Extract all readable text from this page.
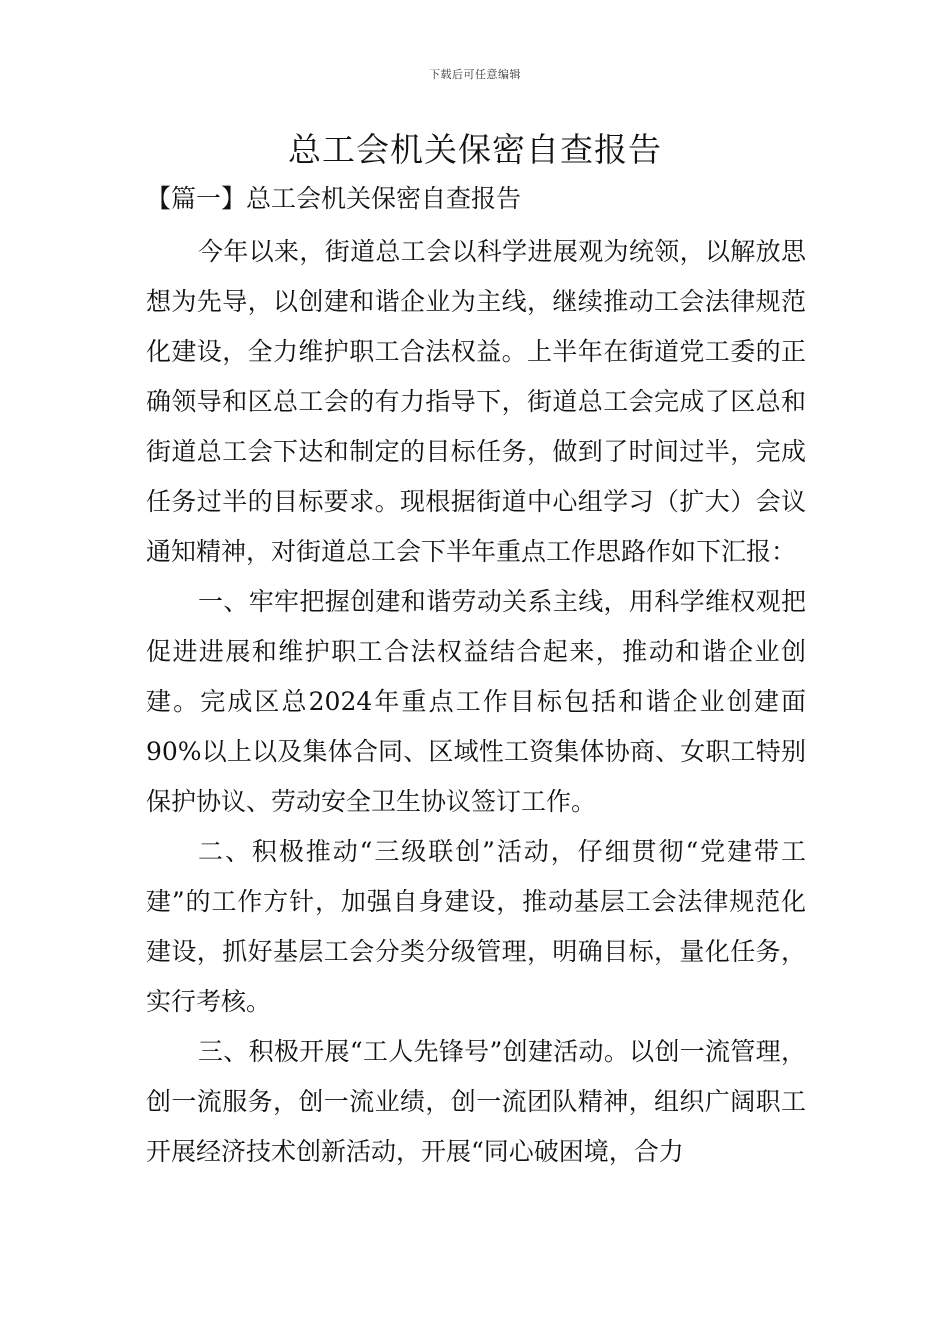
下载后可任意编辑
总工会机关保密自查报告
【篇一】总工会机关保密自查报告

今年以来，街道总工会以科学进展观为统领，以解放思想为先导，以创建和谐企业为主线，继续推动工会法律规范化建设，全力维护职工合法权益。上半年在街道党工委的正确领导和区总工会的有力指导下，街道总工会完成了区总和街道总工会下达和制定的目标任务，做到了时间过半，完成任务过半的目标要求。现根据街道中心组学习（扩大）会议通知精神，对街道总工会下半年重点工作思路作如下汇报：

一、牢牢把握创建和谐劳动关系主线，用科学维权观把促进进展和维护职工合法权益结合起来，推动和谐企业创建。完成区总2024年重点工作目标包括和谐企业创建面90%以上以及集体合同、区域性工资集体协商、女职工特别保护协议、劳动安全卫生协议签订工作。

二、积极推动“三级联创”活动，仔细贯彻“党建带工建”的工作方针，加强自身建设，推动基层工会法律规范化建设，抓好基层工会分类分级管理，明确目标，量化任务，实行考核。

三、积极开展“工人先锋号”创建活动。以创一流管理，创一流服务，创一流业绩，创一流团队精神，组织广阔职工开展经济技术创新活动，开展“同心破困境，合力
